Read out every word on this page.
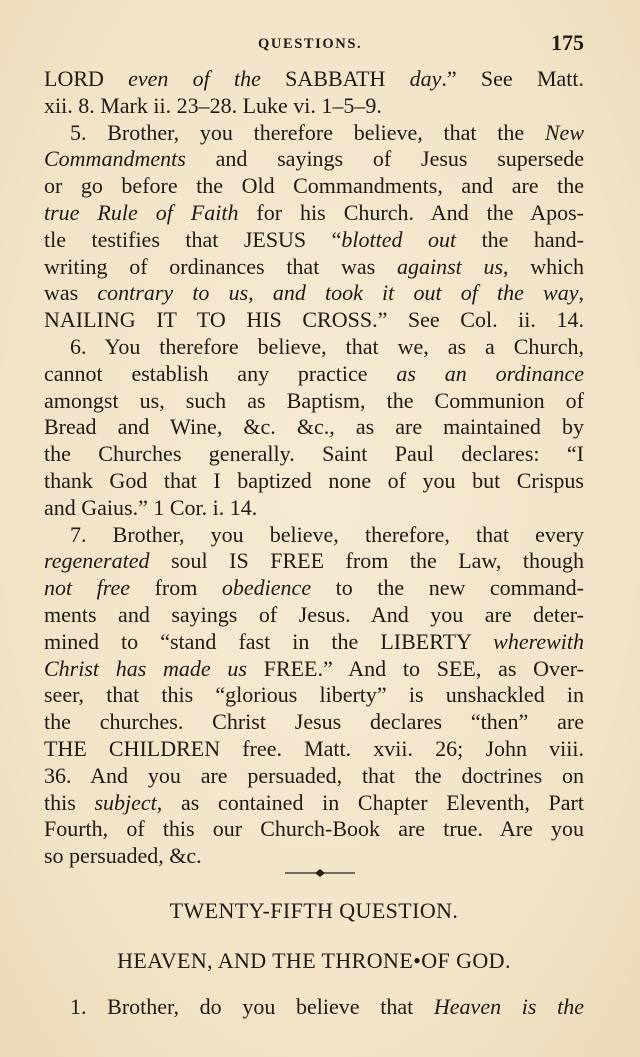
QUESTIONS.	175
LORD even of the SABBATH day.” See Matt.
xii. 8. Mark ii. 23–28. Luke vi. 1–5–9.
5. Brother, you therefore believe, that the New
Commandments and sayings of Jesus supersede
or go before the Old Commandments, and are the
true Rule of Faith for his Church. And the Apos-
tle testifies that JESUS “blotted out the hand-
writing of ordinances that was against us, which
was contrary to us, and took it out of the way,
NAILING IT TO HIS CROSS.” See Col. ii. 14.
6. You therefore believe, that we, as a Church,
cannot establish any practice as an ordinance
amongst us, such as Baptism, the Communion of
Bread and Wine, &c. &c., as are maintained by
the Churches generally. Saint Paul declares: “I
thank God that I baptized none of you but Crispus
and Gaius.” 1 Cor. i. 14.
7. Brother, you believe, therefore, that every
regenerated soul IS FREE from the Law, though
not free from obedience to the new command-
ments and sayings of Jesus. And you are deter-
mined to “stand fast in the LIBERTY wherewith
Christ has made us FREE.” And to SEE, as Over-
seer, that this “glorious liberty” is unshackled in
the churches. Christ Jesus declares “then” are
THE CHILDREN free. Matt. xvii. 26; John viii.
36. And you are persuaded, that the doctrines on
this subject, as contained in Chapter Eleventh, Part
Fourth, of this our Church-Book are true. Are you
so persuaded, &c.
TWENTY-FIFTH QUESTION.
HEAVEN, AND THE THRONE•OF GOD.
1. Brother, do you believe that Heaven is the
